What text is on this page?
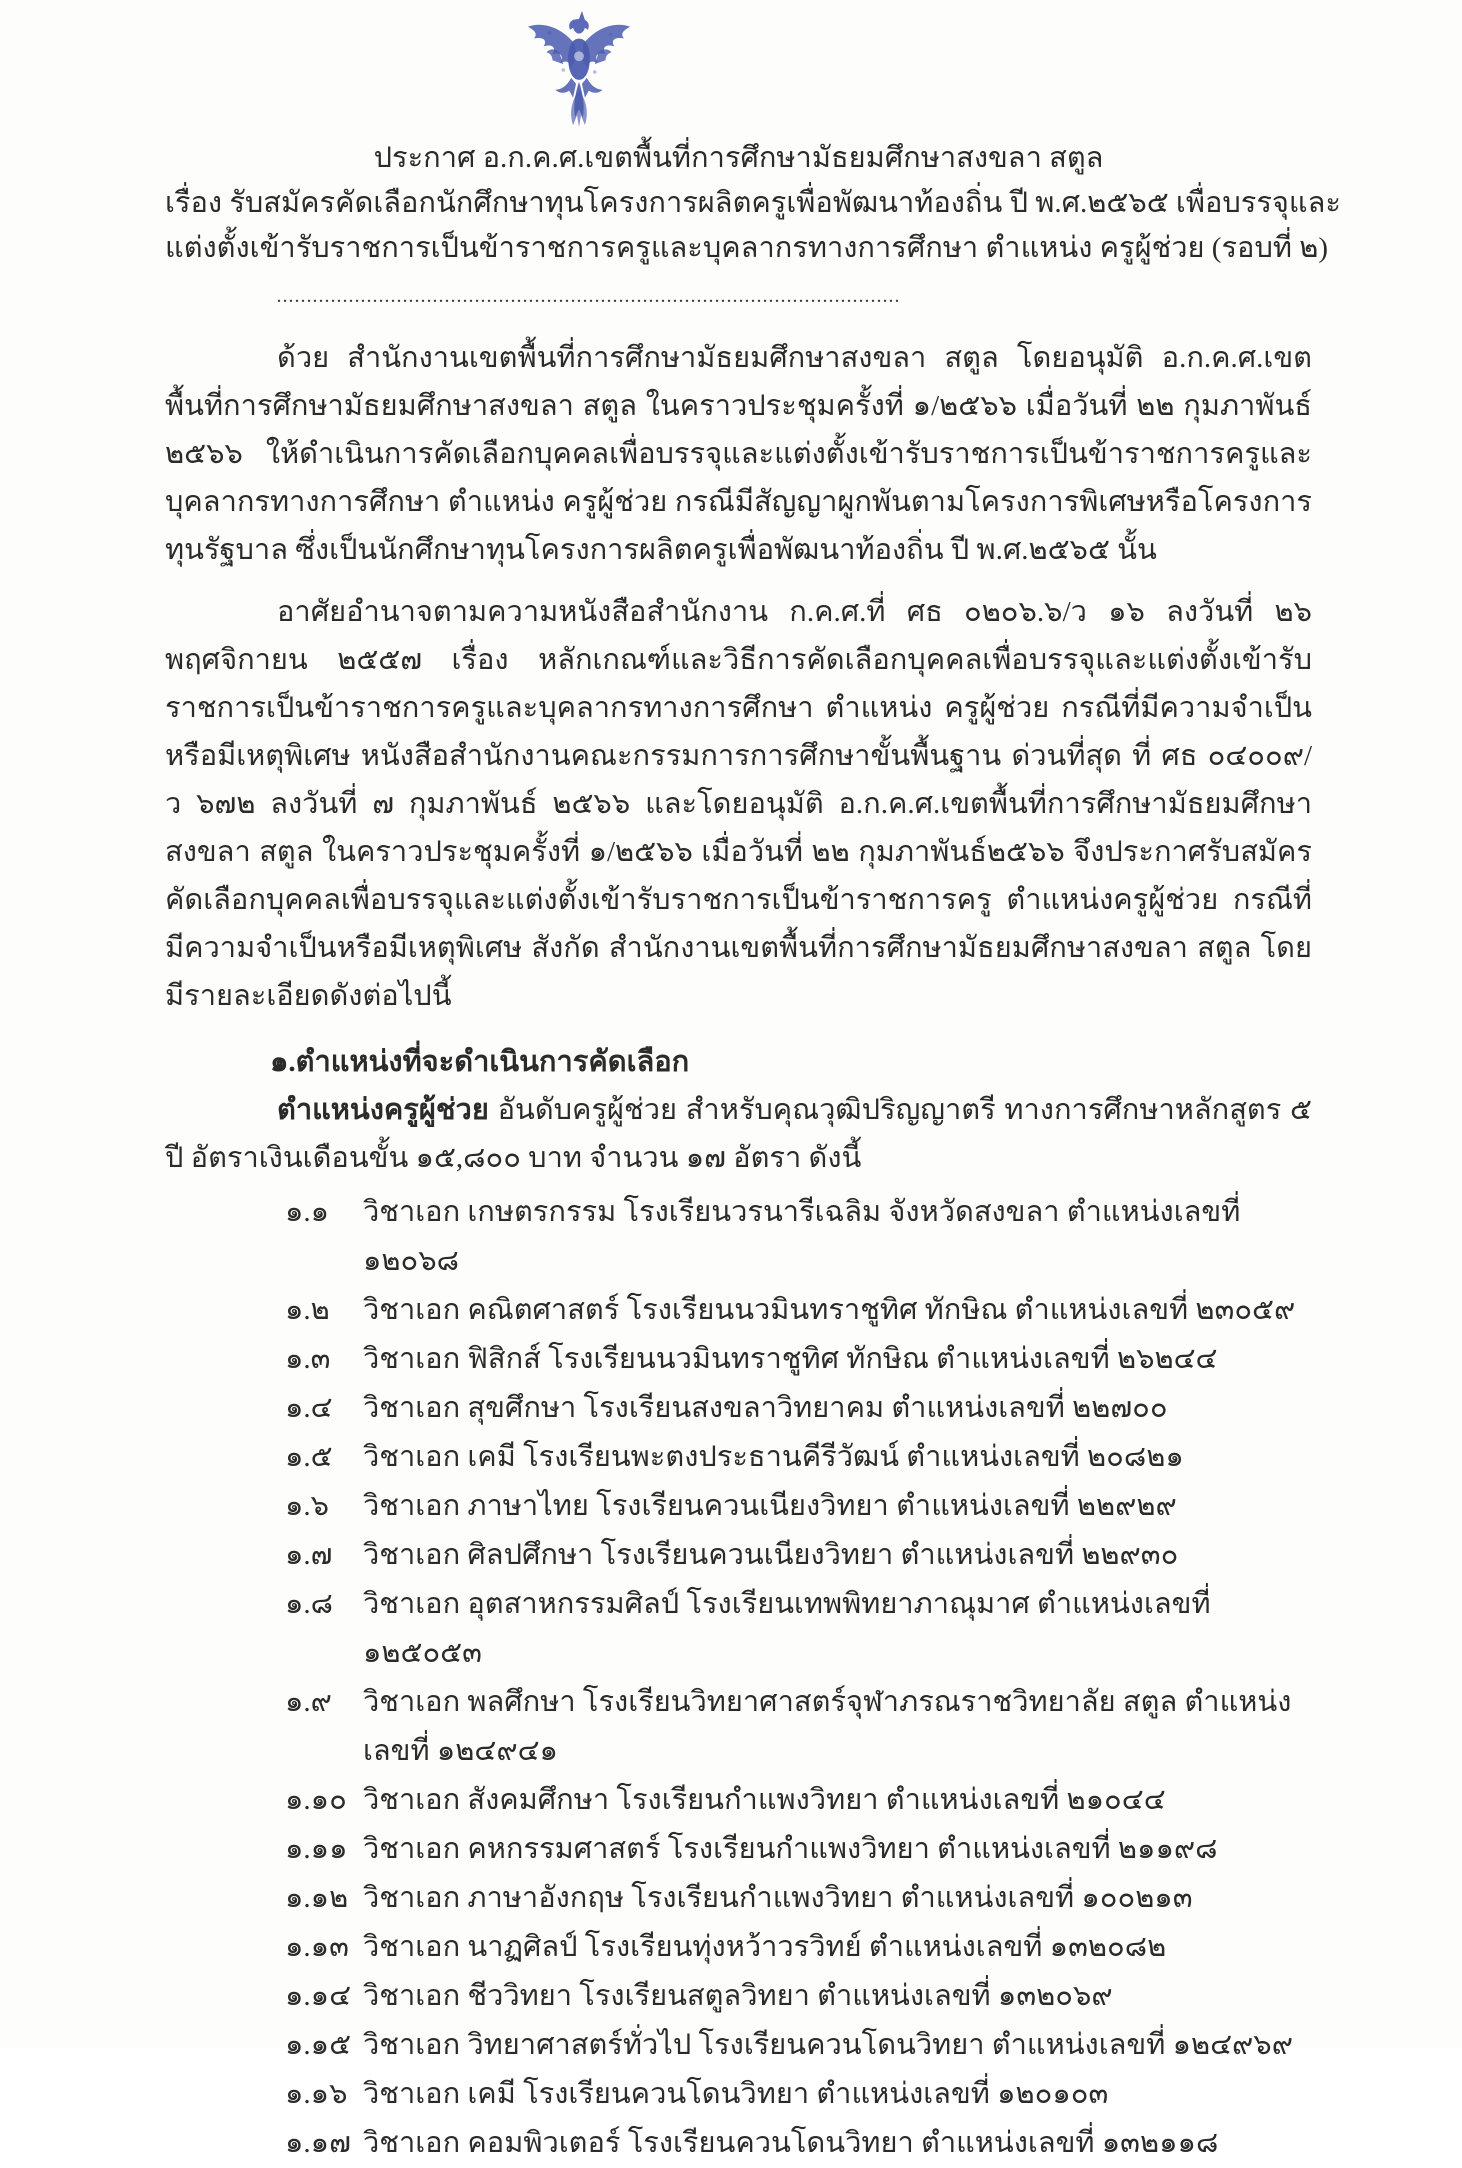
ประกาศ อ.ก.ค.ศ.เขตพื้นที่การศึกษามัธยมศึกษาสงขลา สตูล
เรื่อง รับสมัครคัดเลือกนักศึกษาทุนโครงการผลิตครูเพื่อพัฒนาท้องถิ่น ปี พ.ศ.๒๕๖๕ เพื่อบรรจุและ
แต่งตั้งเข้ารับราชการเป็นข้าราชการครูและบุคลากรทางการศึกษา ตำแหน่ง ครูผู้ช่วย (รอบที่ ๒)
........................................................................................................

ด้วย สำนักงานเขตพื้นที่การศึกษามัธยมศึกษาสงขลา สตูล โดยอนุมัติ อ.ก.ค.ศ.เขตพื้นที่การศึกษามัธยมศึกษาสงขลา สตูล ในคราวประชุมครั้งที่ ๑/๒๕๖๖ เมื่อวันที่ ๒๒ กุมภาพันธ์ ๒๕๖๖ ให้ดำเนินการคัดเลือกบุคคลเพื่อบรรจุและแต่งตั้งเข้ารับราชการเป็นข้าราชการครูและบุคลากรทางการศึกษา ตำแหน่ง ครูผู้ช่วย กรณีมีสัญญาผูกพันตามโครงการพิเศษหรือโครงการทุนรัฐบาล ซึ่งเป็นนักศึกษาทุนโครงการผลิตครูเพื่อพัฒนาท้องถิ่น ปี พ.ศ.๒๕๖๕ นั้น

อาศัยอำนาจตามความหนังสือสำนักงาน ก.ค.ศ.ที่ ศธ ๐๒๐๖.๖/ว ๑๖ ลงวันที่ ๒๖ พฤศจิกายน ๒๕๕๗ เรื่อง หลักเกณฑ์และวิธีการคัดเลือกบุคคลเพื่อบรรจุและแต่งตั้งเข้ารับราชการเป็นข้าราชการครูและบุคลากรทางการศึกษา ตำแหน่ง ครูผู้ช่วย กรณีที่มีความจำเป็นหรือมีเหตุพิเศษ หนังสือสำนักงานคณะกรรมการการศึกษาขั้นพื้นฐาน ด่วนที่สุด ที่ ศธ ๐๔๐๐๙/ว ๖๗๒ ลงวันที่ ๗ กุมภาพันธ์ ๒๕๖๖ และโดยอนุมัติ อ.ก.ค.ศ.เขตพื้นที่การศึกษามัธยมศึกษาสงขลา สตูล ในคราวประชุมครั้งที่ ๑/๒๕๖๖ เมื่อวันที่ ๒๒ กุมภาพันธ์๒๕๖๖ จึงประกาศรับสมัครคัดเลือกบุคคลเพื่อบรรจุและแต่งตั้งเข้ารับราชการเป็นข้าราชการครู ตำแหน่งครูผู้ช่วย กรณีที่มีความจำเป็นหรือมีเหตุพิเศษ สังกัด สำนักงานเขตพื้นที่การศึกษามัธยมศึกษาสงขลา สตูล โดยมีรายละเอียดดังต่อไปนี้

๑.ตำแหน่งที่จะดำเนินการคัดเลือก
ตำแหน่งครูผู้ช่วย อันดับครูผู้ช่วย สำหรับคุณวุฒิปริญญาตรี ทางการศึกษาหลักสูตร ๕ ปี อัตราเงินเดือนขั้น ๑๕,๘๐๐ บาท จำนวน ๑๗ อัตรา ดังนี้
๑.๑	วิชาเอก เกษตรกรรม โรงเรียนวรนารีเฉลิม จังหวัดสงขลา ตำแหน่งเลขที่ ๑๒๐๖๘
๑.๒	วิชาเอก คณิตศาสตร์ โรงเรียนนวมินทราชูทิศ ทักษิณ ตำแหน่งเลขที่ ๒๓๐๕๙
๑.๓	วิชาเอก ฟิสิกส์ โรงเรียนนวมินทราชูทิศ ทักษิณ ตำแหน่งเลขที่ ๒๖๒๔๔
๑.๔	วิชาเอก สุขศึกษา โรงเรียนสงขลาวิทยาคม ตำแหน่งเลขที่ ๒๒๗๐๐
๑.๕	วิชาเอก เคมี โรงเรียนพะตงประธานคีรีวัฒน์ ตำแหน่งเลขที่ ๒๐๘๒๑
๑.๖	วิชาเอก ภาษาไทย โรงเรียนควนเนียงวิทยา ตำแหน่งเลขที่ ๒๒๙๒๙
๑.๗	วิชาเอก ศิลปศึกษา โรงเรียนควนเนียงวิทยา ตำแหน่งเลขที่ ๒๒๙๓๐
๑.๘	วิชาเอก อุตสาหกรรมศิลป์ โรงเรียนเทพพิทยาภาณุมาศ ตำแหน่งเลขที่ ๑๒๕๐๕๓
๑.๙	วิชาเอก พลศึกษา โรงเรียนวิทยาศาสตร์จุฬาภรณราชวิทยาลัย สตูล ตำแหน่งเลขที่ ๑๒๔๙๔๑
๑.๑๐ วิชาเอก สังคมศึกษา โรงเรียนกำแพงวิทยา ตำแหน่งเลขที่ ๒๑๐๔๔
๑.๑๑ วิชาเอก คหกรรมศาสตร์ โรงเรียนกำแพงวิทยา ตำแหน่งเลขที่ ๒๑๑๙๘
๑.๑๒ วิชาเอก ภาษาอังกฤษ โรงเรียนกำแพงวิทยา ตำแหน่งเลขที่ ๑๐๐๒๑๓
๑.๑๓ วิชาเอก นาฏศิลป์ โรงเรียนทุ่งหว้าวรวิทย์ ตำแหน่งเลขที่ ๑๓๒๐๘๒
๑.๑๔ วิชาเอก ชีววิทยา โรงเรียนสตูลวิทยา ตำแหน่งเลขที่ ๑๓๒๐๖๙
๑.๑๕ วิชาเอก วิทยาศาสตร์ทั่วไป โรงเรียนควนโดนวิทยา ตำแหน่งเลขที่ ๑๒๔๙๖๙
๑.๑๖ วิชาเอก เคมี โรงเรียนควนโดนวิทยา ตำแหน่งเลขที่ ๑๒๐๑๐๓
๑.๑๗ วิชาเอก คอมพิวเตอร์ โรงเรียนควนโดนวิทยา ตำแหน่งเลขที่ ๑๓๒๑๑๘
